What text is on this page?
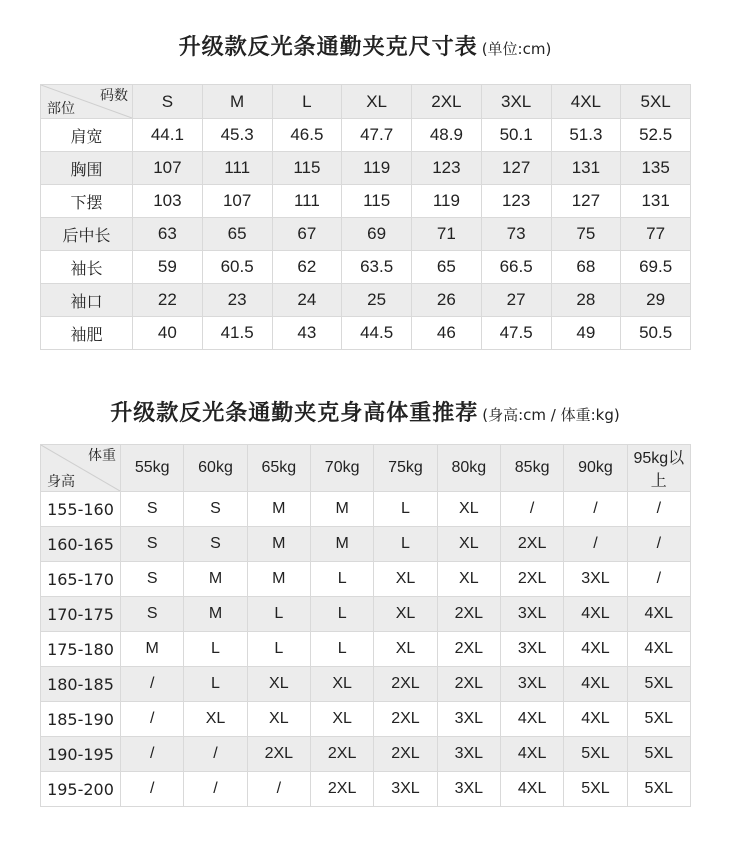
升级款反光条通勤夹克尺寸表 (单位:cm)
码数
部位	S	M	L	XL	2XL	3XL	4XL	5XL
肩宽	44.1	45.3	46.5	47.7	48.9	50.1	51.3	52.5
胸围	107	111	115	119	123	127	131	135
下摆	103	107	111	115	119	123	127	131
后中长	63	65	67	69	71	73	75	77
袖长	59	60.5	62	63.5	65	66.5	68	69.5
袖口	22	23	24	25	26	27	28	29
袖肥	40	41.5	43	44.5	46	47.5	49	50.5
升级款反光条通勤夹克身高体重推荐 (身高:cm / 体重:kg)
体重
身高	55kg	60kg	65kg	70kg	75kg	80kg	85kg	90kg	95kg以上
155-160	S	S	M	M	L	XL	/	/	/
160-165	S	S	M	M	L	XL	2XL	/	/
165-170	S	M	M	L	XL	XL	2XL	3XL	/
170-175	S	M	L	L	XL	2XL	3XL	4XL	4XL
175-180	M	L	L	L	XL	2XL	3XL	4XL	4XL
180-185	/	L	XL	XL	2XL	2XL	3XL	4XL	5XL
185-190	/	XL	XL	XL	2XL	3XL	4XL	4XL	5XL
190-195	/	/	2XL	2XL	2XL	3XL	4XL	5XL	5XL
195-200	/	/	/	2XL	3XL	3XL	4XL	5XL	5XL
